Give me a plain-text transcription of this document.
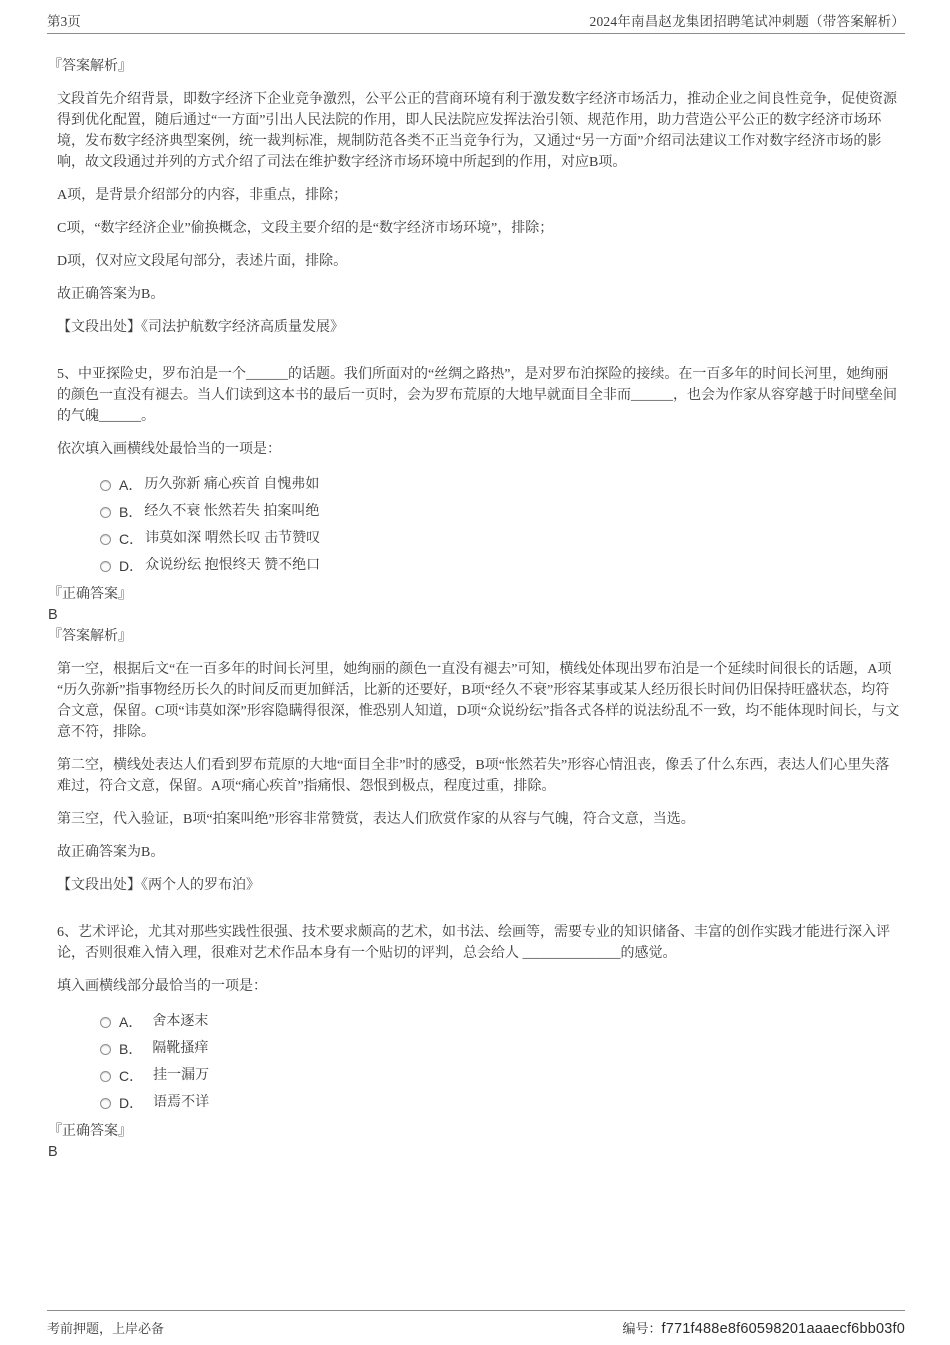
第3页	2024年南昌赵龙集团招聘笔试冲刺题（带答案解析）

『答案解析』

文段首先介绍背景，即数字经济下企业竞争激烈，公平公正的营商环境有利于激发数字经济市场活力，推动企业之间良性竞争，促使资源得到优化配置，随后通过“一方面”引出人民法院的作用，即人民法院应发挥法治引领、规范作用，助力营造公平公正的数字经济市场环境，发布数字经济典型案例，统一裁判标准，规制防范各类不正当竞争行为，又通过“另一方面”介绍司法建议工作对数字经济市场的影响，故文段通过并列的方式介绍了司法在维护数字经济市场环境中所起到的作用，对应B项。

A项，是背景介绍部分的内容，非重点，排除；

C项，“数字经济企业”偷换概念，文段主要介绍的是“数字经济市场环境”，排除；

D项，仅对应文段尾句部分，表述片面，排除。

故正确答案为B。

【文段出处】《司法护航数字经济高质量发展》

5、中亚探险史，罗布泊是一个______的话题。我们所面对的“丝绸之路热”，是对罗布泊探险的接续。在一百多年的时间长河里，她绚丽的颜色一直没有褪去。当人们读到这本书的最后一页时，会为罗布荒原的大地早就面目全非而______，也会为作家从容穿越于时间壁垒间的气魄______。

依次填入画横线处最恰当的一项是：

A． 历久弥新 痛心疾首 自愧弗如
B． 经久不衰 怅然若失 拍案叫绝
C． 讳莫如深 喟然长叹 击节赞叹
D． 众说纷纭 抱恨终天 赞不绝口

『正确答案』

B

『答案解析』

第一空，根据后文“在一百多年的时间长河里，她绚丽的颜色一直没有褪去”可知，横线处体现出罗布泊是一个延续时间很长的话题，A项“历久弥新”指事物经历长久的时间反而更加鲜活，比新的还要好，B项“经久不衰”形容某事或某人经历很长时间仍旧保持旺盛状态，均符合文意，保留。C项“讳莫如深”形容隐瞒得很深，惟恐别人知道，D项“众说纷纭”指各式各样的说法纷乱不一致，均不能体现时间长，与文意不符，排除。

第二空，横线处表达人们看到罗布荒原的大地“面目全非”时的感受，B项“怅然若失”形容心情沮丧，像丢了什么东西，表达人们心里失落难过，符合文意，保留。A项“痛心疾首”指痛恨、怨恨到极点，程度过重，排除。

第三空，代入验证，B项“拍案叫绝”形容非常赞赏，表达人们欣赏作家的从容与气魄，符合文意，当选。

故正确答案为B。

【文段出处】《两个人的罗布泊》

6、艺术评论，尤其对那些实践性很强、技术要求颇高的艺术，如书法、绘画等，需要专业的知识储备、丰富的创作实践才能进行深入评论，否则很难入情入理，很难对艺术作品本身有一个贴切的评判，总会给人 ______________的感觉。

填入画横线部分最恰当的一项是：

A． 舍本逐末
B． 隔靴搔痒
C． 挂一漏万
D． 语焉不详

『正确答案』

B

考前押题，上岸必备	编号：f771f488e8f60598201aaaecf6bb03f0
